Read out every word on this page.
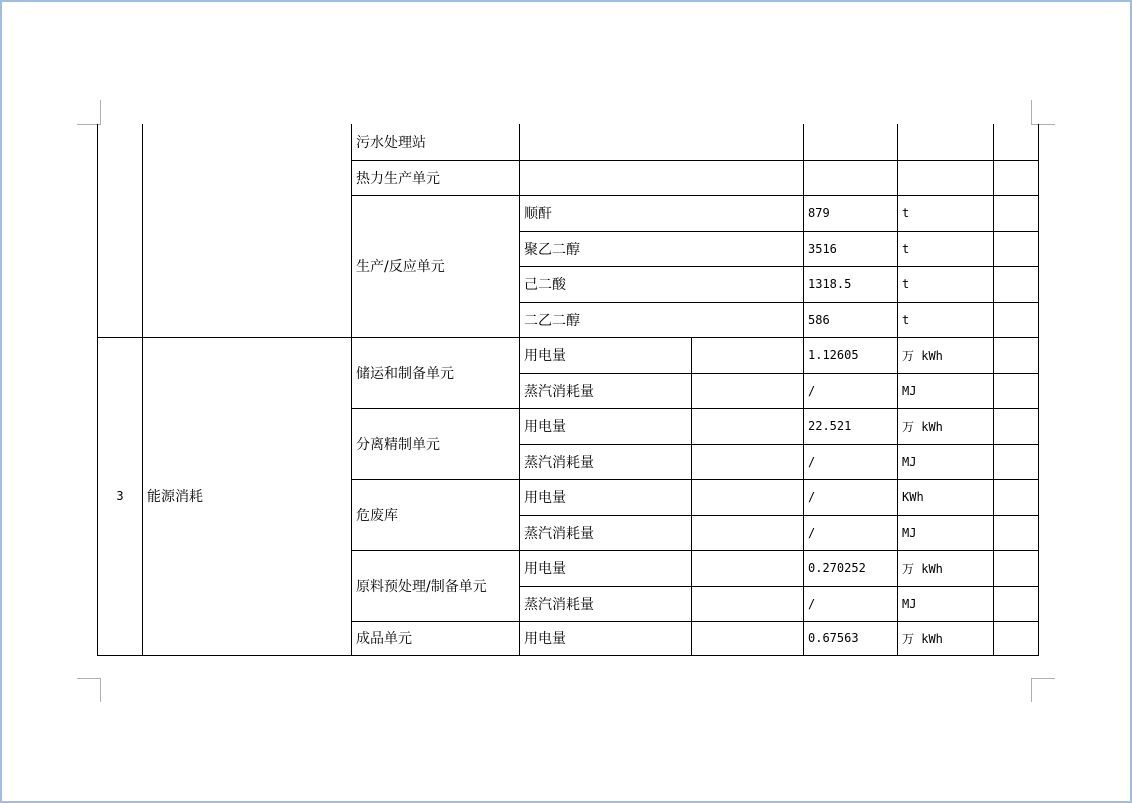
		污水处理站					
		热力生产单元					
		生产/反应单元	顺酐		879	t	
			聚乙二醇		3516	t	
			己二酸		1318.5	t	
			二乙二醇		586	t	
3	能源消耗	储运和制备单元	用电量		1.12605	万 kWh	
			蒸汽消耗量		/	MJ	
		分离精制单元	用电量		22.521	万 kWh	
			蒸汽消耗量		/	MJ	
		危废库	用电量		/	KWh	
			蒸汽消耗量		/	MJ	
		原料预处理/制备单元	用电量		0.270252	万 kWh	
			蒸汽消耗量		/	MJ	
		成品单元	用电量		0.67563	万 kWh	
